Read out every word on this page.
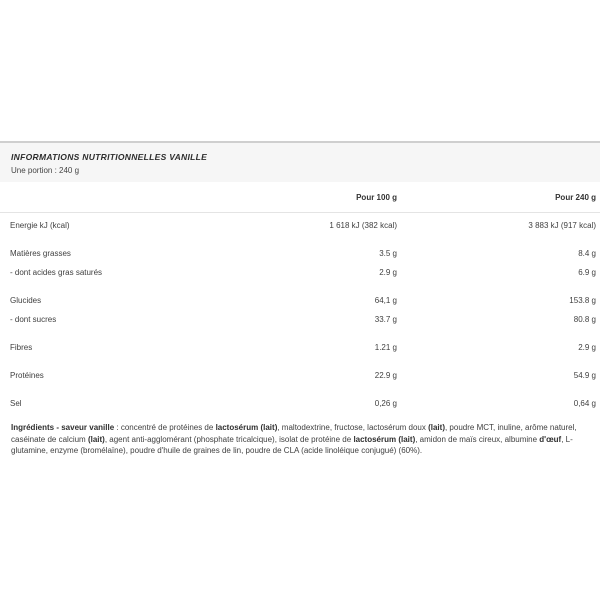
INFORMATIONS NUTRITIONNELLES VANILLE
Une portion : 240 g
Pour 100 g	Pour 240 g
Energie kJ (kcal)	1 618 kJ (382 kcal)	3 883 kJ (917 kcal)
Matières grasses	3.5 g	8.4 g
- dont acides gras saturés	2.9 g	6.9 g
Glucides	64,1 g	153.8 g
- dont sucres	33.7 g	80.8 g
Fibres	1.21 g	2.9 g
Protéines	22.9 g	54.9 g
Sel	0,26 g	0,64 g

Ingrédients - saveur vanille : concentré de protéines de lactosérum (lait), maltodextrine, fructose, lactosérum doux (lait), poudre MCT, inuline, arôme naturel, caséinate de calcium (lait), agent anti-agglomérant (phosphate tricalcique), isolat de protéine de lactosérum (lait), amidon de maïs cireux, albumine d'œuf, L-glutamine, enzyme (bromélaïne), poudre d'huile de graines de lin, poudre de CLA (acide linoléique conjugué) (60%).
